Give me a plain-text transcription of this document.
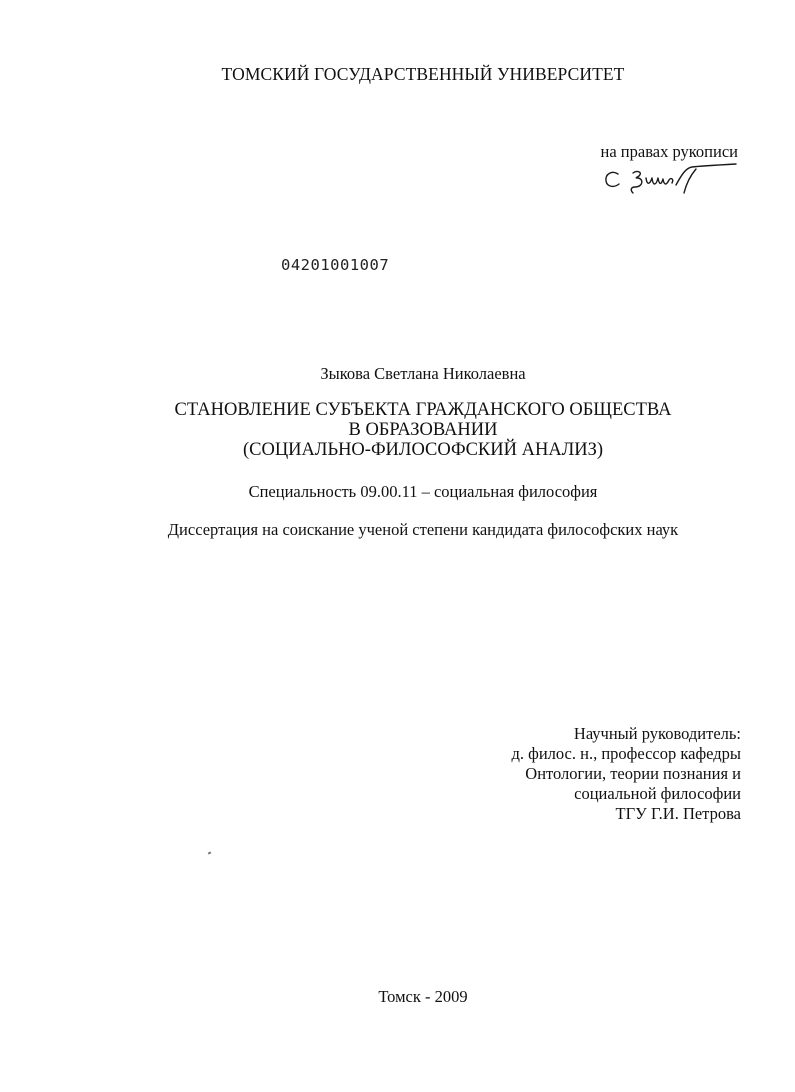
ТОМСКИЙ ГОСУДАРСТВЕННЫЙ УНИВЕРСИТЕТ
на правах рукописи
04201001007
Зыкова Светлана Николаевна
СТАНОВЛЕНИЕ СУБЪЕКТА ГРАЖДАНСКОГО ОБЩЕСТВА
В ОБРАЗОВАНИИ
(СОЦИАЛЬНО-ФИЛОСОФСКИЙ АНАЛИЗ)
Специальность 09.00.11 – социальная философия
Диссертация на соискание ученой степени кандидата философских наук
Научный руководитель:
д. филос. н., профессор кафедры
Онтологии, теории познания и
социальной философии
ТГУ Г.И. Петрова
Томск - 2009
